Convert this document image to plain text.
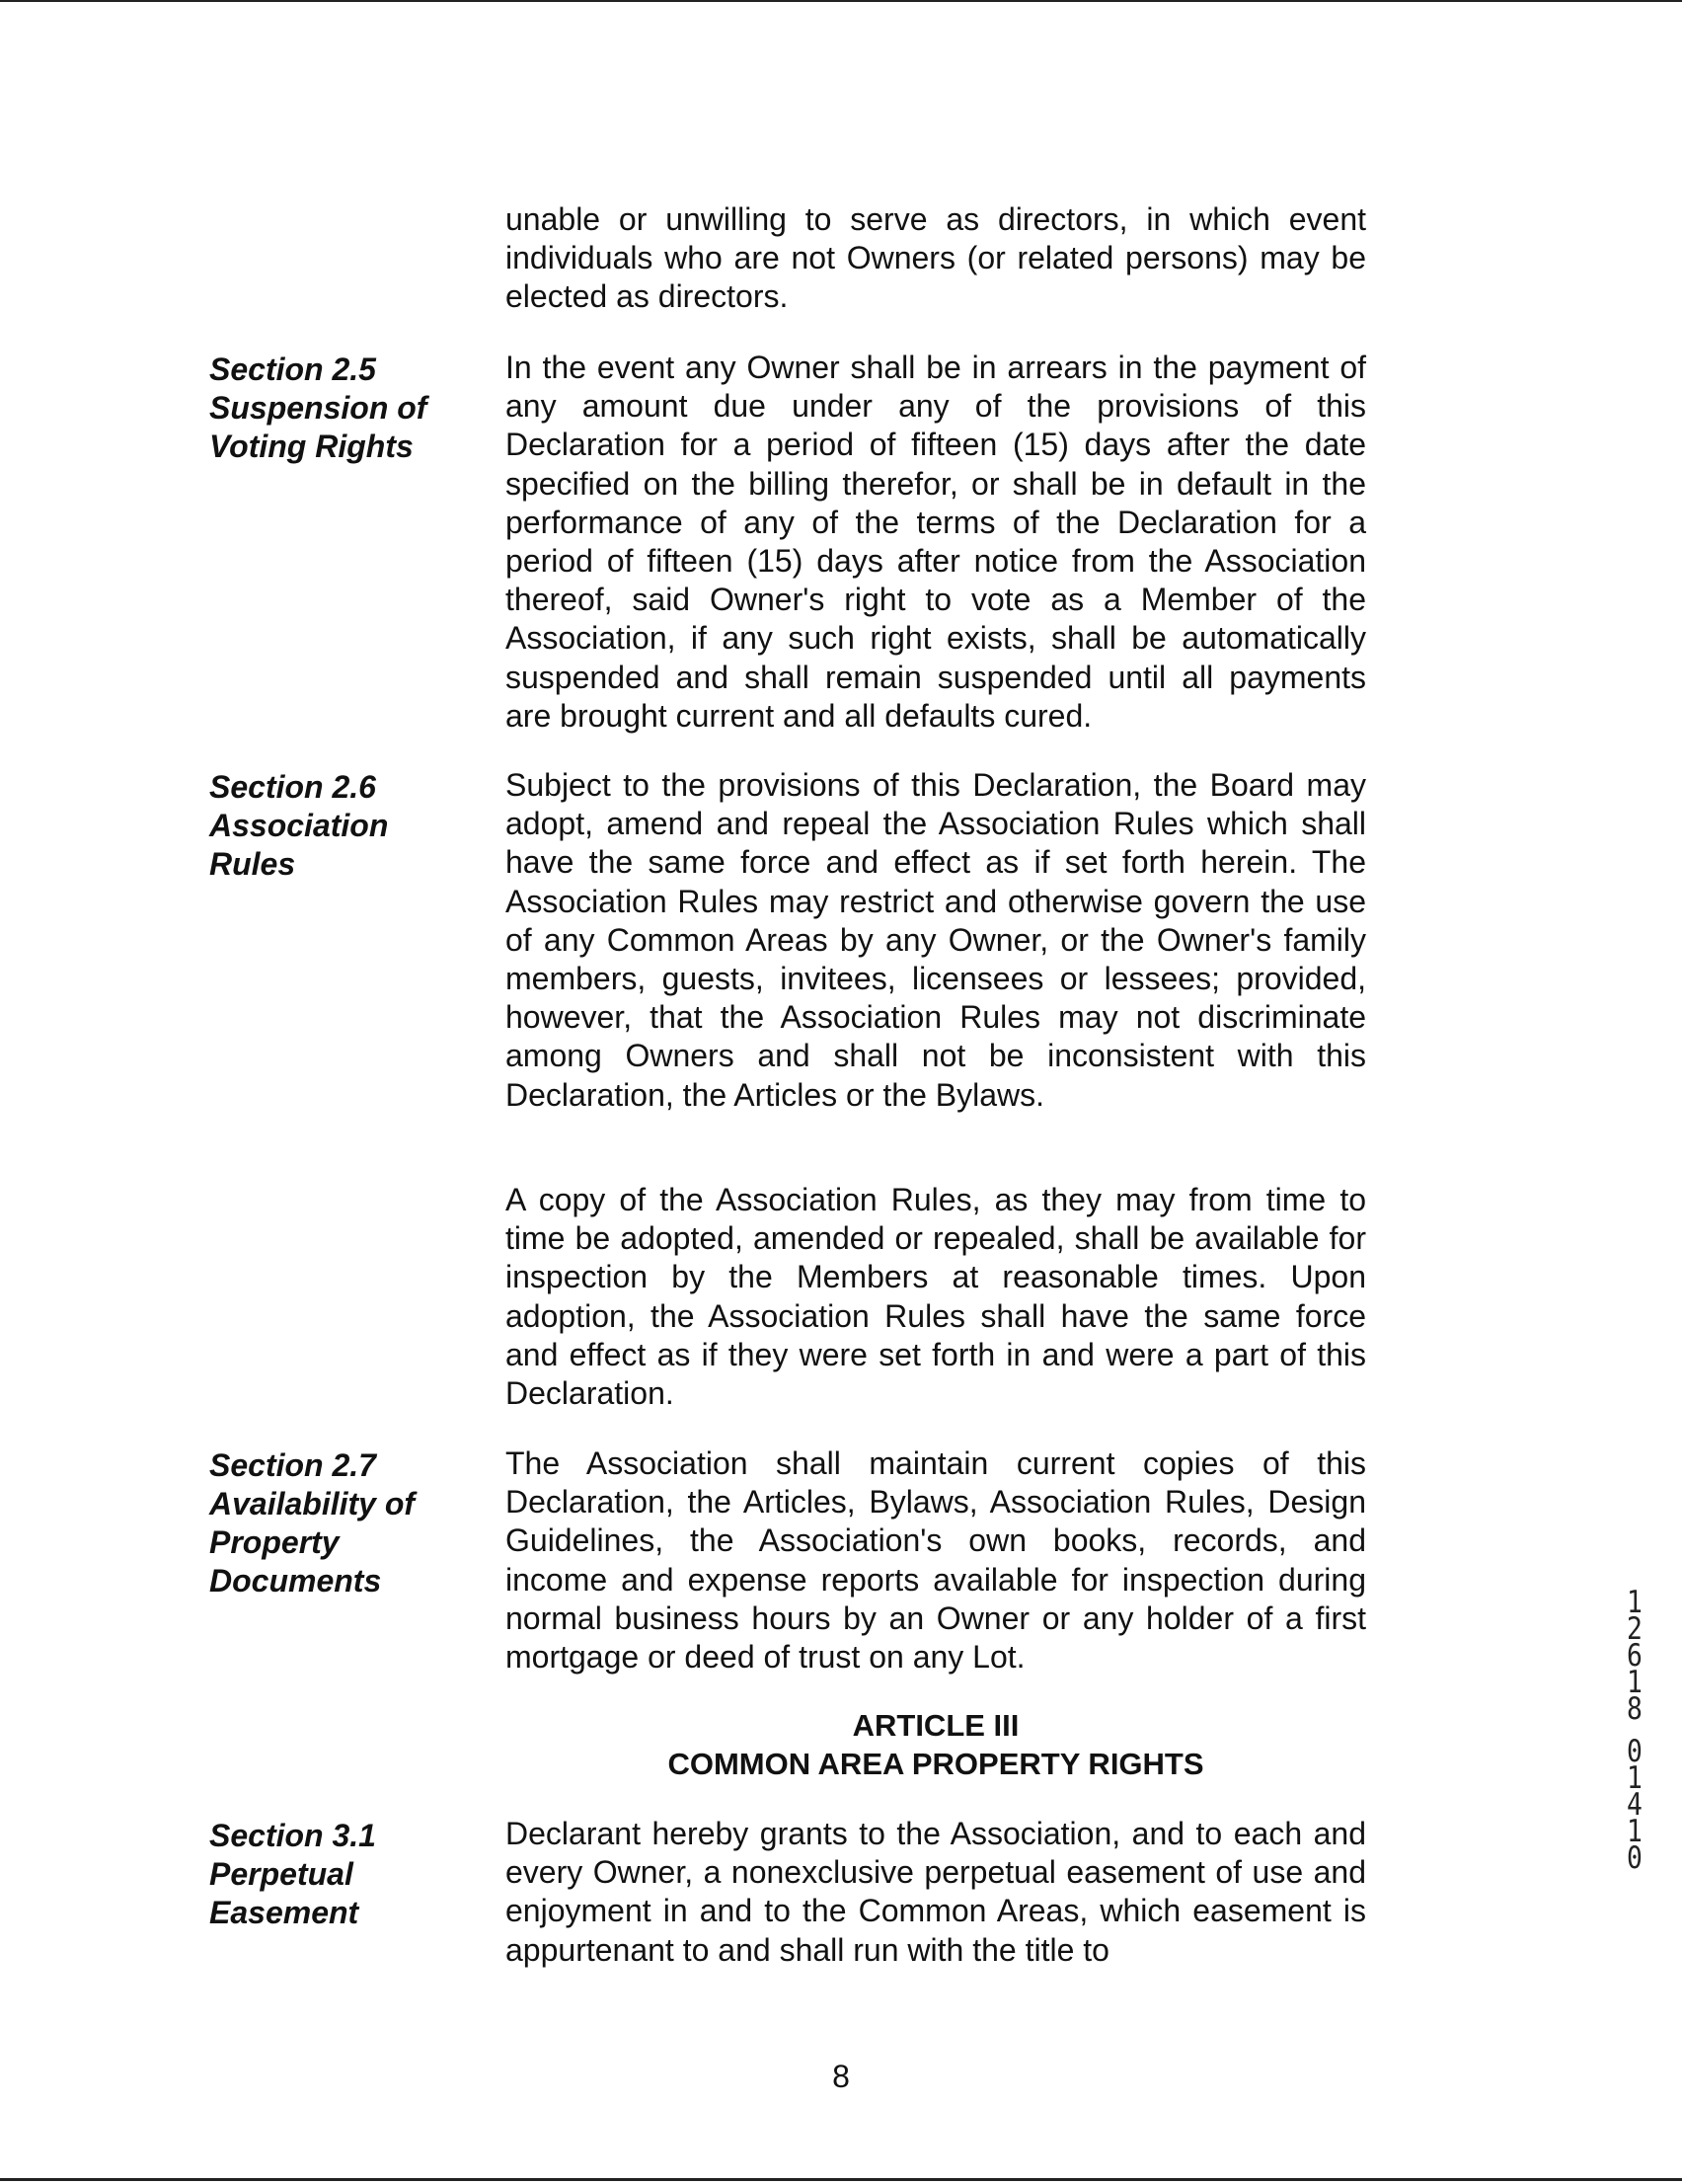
unable or unwilling to serve as directors, in which event individuals who are not Owners (or related persons) may be elected as directors.

Section 2.5
Suspension of
Voting Rights

In the event any Owner shall be in arrears in the payment of any amount due under any of the provisions of this Declaration for a period of fifteen (15) days after the date specified on the billing therefor, or shall be in default in the performance of any of the terms of the Declaration for a period of fifteen (15) days after notice from the Association thereof, said Owner's right to vote as a Member of the Association, if any such right exists, shall be automatically suspended and shall remain suspended until all payments are brought current and all defaults cured.

Section 2.6
Association
Rules

Subject to the provisions of this Declaration, the Board may adopt, amend and repeal the Association Rules which shall have the same force and effect as if set forth herein. The Association Rules may restrict and otherwise govern the use of any Common Areas by any Owner, or the Owner's family members, guests, invitees, licensees or lessees; provided, however, that the Association Rules may not discriminate among Owners and shall not be inconsistent with this Declaration, the Articles or the Bylaws.

A copy of the Association Rules, as they may from time to time be adopted, amended or repealed, shall be available for inspection by the Members at reasonable times. Upon adoption, the Association Rules shall have the same force and effect as if they were set forth in and were a part of this Declaration.

Section 2.7
Availability of
Property
Documents

The Association shall maintain current copies of this Declaration, the Articles, Bylaws, Association Rules, Design Guidelines, the Association's own books, records, and income and expense reports available for inspection during normal business hours by an Owner or any holder of a first mortgage or deed of trust on any Lot.

ARTICLE III
COMMON AREA PROPERTY RIGHTS
Section 3.1
Perpetual
Easement

Declarant hereby grants to the Association, and to each and every Owner, a nonexclusive perpetual easement of use and enjoyment in and to the Common Areas, which easement is appurtenant to and shall run with the title to

8

1
2
6
1
8
0
1
4
1
0
